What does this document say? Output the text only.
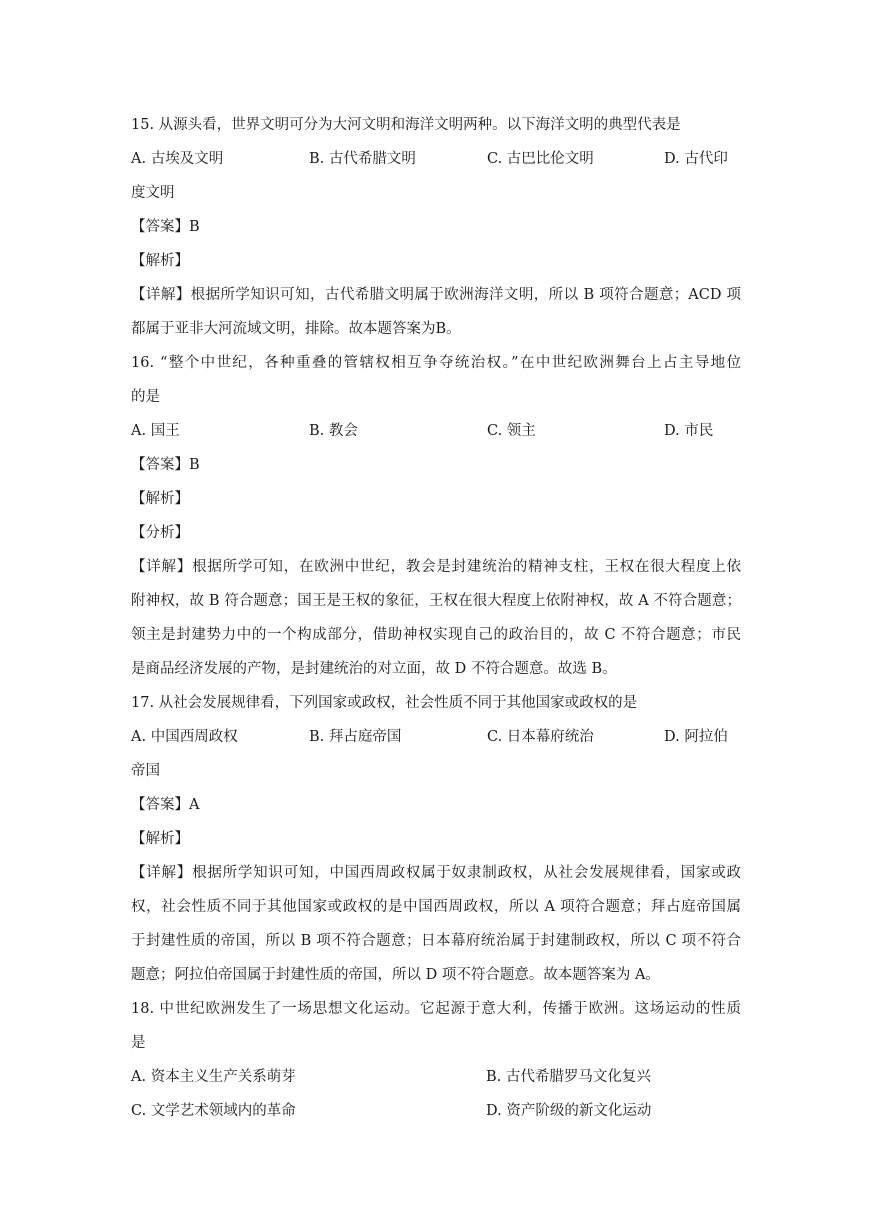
15. 从源头看，世界文明可分为大河文明和海洋文明两种。以下海洋文明的典型代表是
A. 古埃及文明	B. 古代希腊文明	C. 古巴比伦文明	D. 古代印
度文明
【答案】B
【解析】
【详解】根据所学知识可知，古代希腊文明属于欧洲海洋文明，所以 B 项符合题意；ACD 项
都属于亚非大河流域文明，排除。故本题答案为B。
16. “整个中世纪，各种重叠的管辖权相互争夺统治权。”在中世纪欧洲舞台上占主导地位
的是
A. 国王	B. 教会	C. 领主	D. 市民
【答案】B
【解析】
【分析】
【详解】根据所学可知，在欧洲中世纪，教会是封建统治的精神支柱，王权在很大程度上依
附神权，故 B 符合题意；国王是王权的象征，王权在很大程度上依附神权，故 A 不符合题意；
领主是封建势力中的一个构成部分，借助神权实现自己的政治目的，故 C 不符合题意；市民
是商品经济发展的产物，是封建统治的对立面，故 D 不符合题意。故选 B。
17. 从社会发展规律看，下列国家或政权，社会性质不同于其他国家或政权的是
A. 中国西周政权	B. 拜占庭帝国	C. 日本幕府统治	D. 阿拉伯
帝国
【答案】A
【解析】
【详解】根据所学知识可知，中国西周政权属于奴隶制政权，从社会发展规律看，国家或政
权，社会性质不同于其他国家或政权的是中国西周政权，所以 A 项符合题意；拜占庭帝国属
于封建性质的帝国，所以 B 项不符合题意；日本幕府统治属于封建制政权，所以 C 项不符合
题意；阿拉伯帝国属于封建性质的帝国，所以 D 项不符合题意。故本题答案为 A。
18. 中世纪欧洲发生了一场思想文化运动。它起源于意大利，传播于欧洲。这场运动的性质
是
A. 资本主义生产关系萌芽	B. 古代希腊罗马文化复兴
C. 文学艺术领域内的革命	D. 资产阶级的新文化运动
